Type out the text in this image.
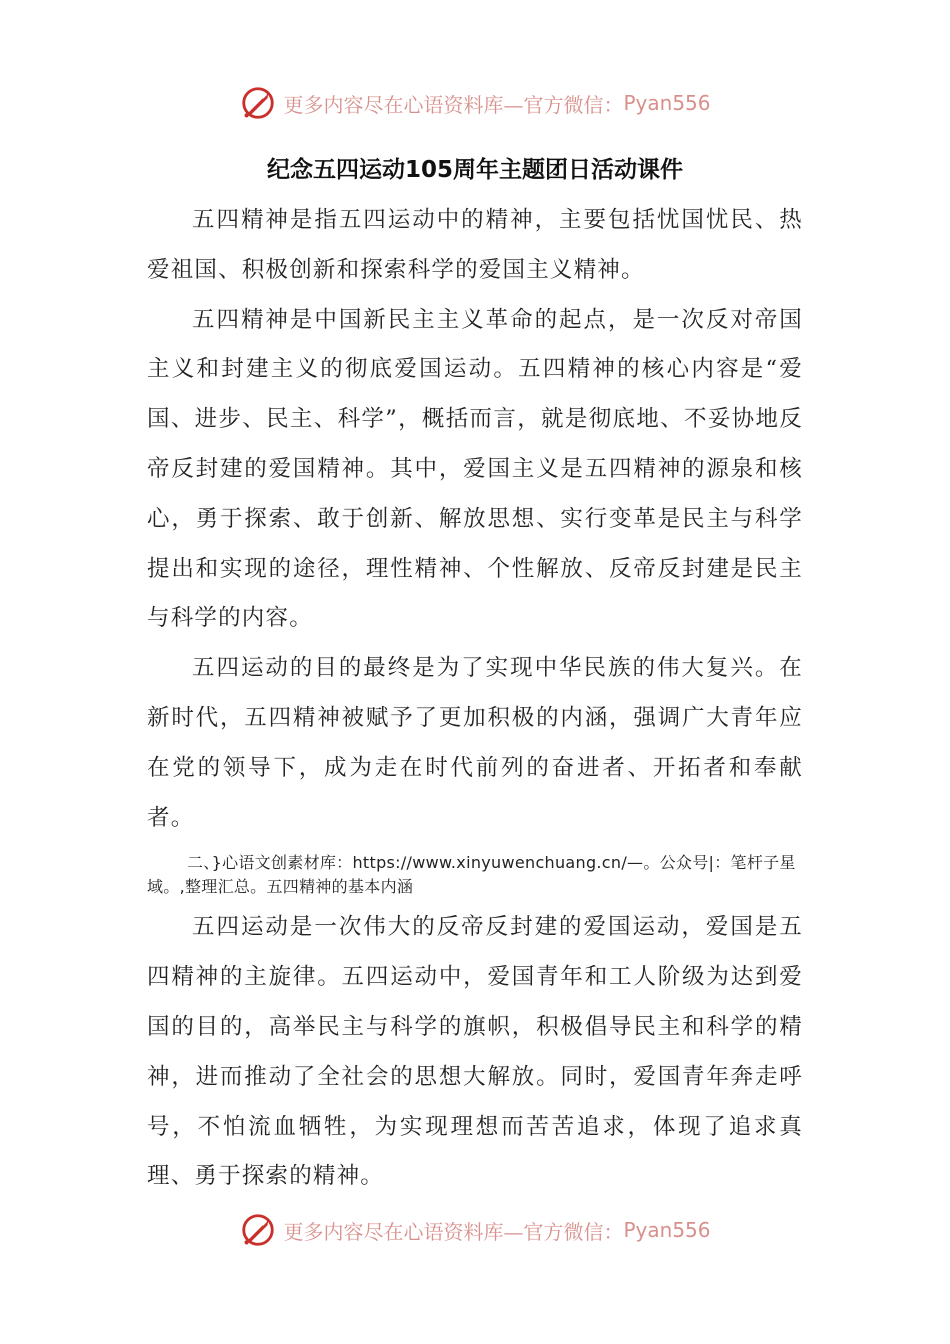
更多内容尽在心语资料库—官方微信： Pyan556
纪念五四运动105周年主题团日活动课件

五四精神是指五四运动中的精神，主要包括忧国忧民、热爱祖国、积极创新和探索科学的爱国主义精神。

五四精神是中国新民主主义革命的起点，是一次反对帝国主义和封建主义的彻底爱国运动。五四精神的核心内容是“爱国、进步、民主、科学”，概括而言，就是彻底地、不妥协地反帝反封建的爱国精神。其中，爱国主义是五四精神的源泉和核心，勇于探索、敢于创新、解放思想、实行变革是民主与科学提出和实现的途径，理性精神、个性解放、反帝反封建是民主与科学的内容。

五四运动的目的最终是为了实现中华民族的伟大复兴。在新时代，五四精神被赋予了更加积极的内涵，强调广大青年应在党的领导下，成为走在时代前列的奋进者、开拓者和奉献者。

二、}心语文创素材库：https://www.xinyuwenchuang.cn/—。公众号|：笔杆子星域。,整理汇总。五四精神的基本内涵

五四运动是一次伟大的反帝反封建的爱国运动，爱国是五四精神的主旋律。五四运动中，爱国青年和工人阶级为达到爱国的目的，高举民主与科学的旗帜，积极倡导民主和科学的精神，进而推动了全社会的思想大解放。同时，爱国青年奔走呼号，不怕流血牺牲，为实现理想而苦苦追求，体现了追求真理、勇于探索的精神。

更多内容尽在心语资料库—官方微信： Pyan556
